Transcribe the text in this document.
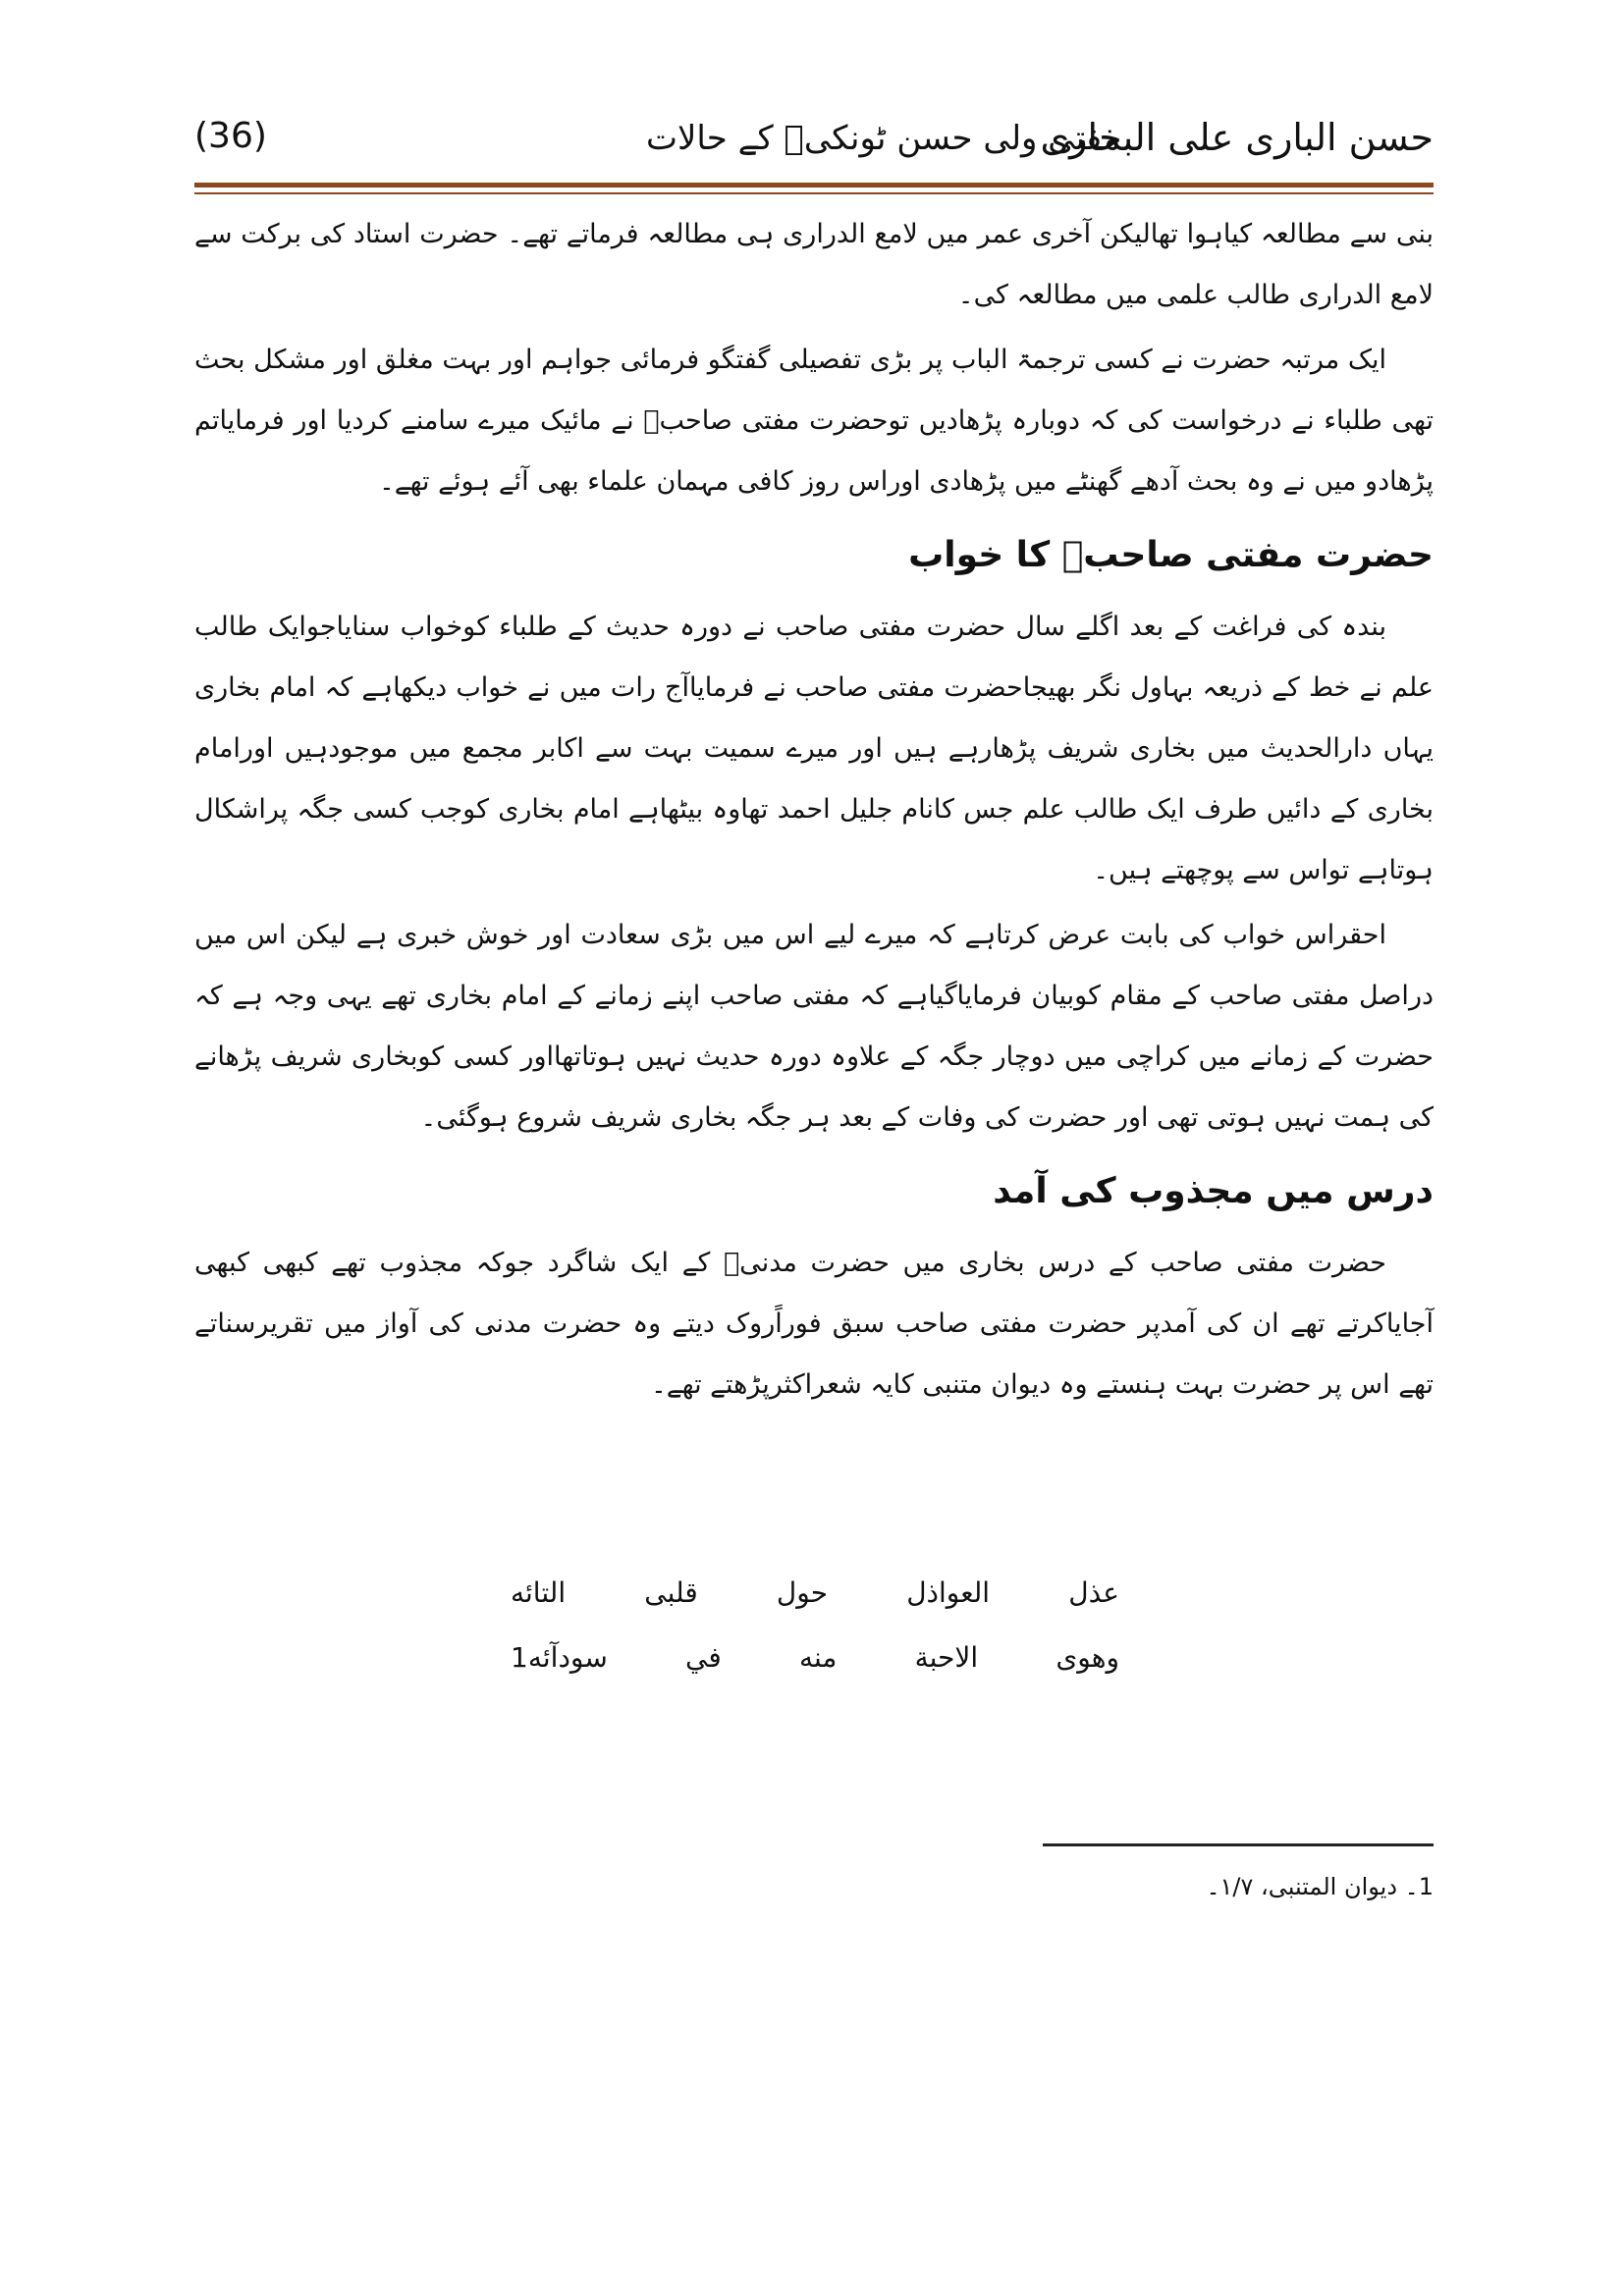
حسن الباری علی البخاری
مفتی ولی حسن ٹونکیؒ کے حالات
(36)

بنی سے مطالعہ کیاہوا تھالیکن آخری عمر میں لامع الدراری ہی مطالعہ فرماتے تھے۔ حضرت استاد کی برکت سے لامع الدراری طالب علمی میں مطالعہ کی۔

ایک مرتبہ حضرت نے کسی ترجمۃ الباب پر بڑی تفصیلی گفتگو فرمائی جواہم اور بہت مغلق اور مشکل بحث تھی طلباء نے درخواست کی کہ دوبارہ پڑھادیں توحضرت مفتی صاحبؒ نے مائیک میرے سامنے کردیا اور فرمایاتم پڑھادو میں نے وہ بحث آدھے گھنٹے میں پڑھادی اوراس روز کافی مہمان علماء بھی آئے ہوئے تھے۔

حضرت مفتی صاحبؒ کا خواب

بندہ کی فراغت کے بعد اگلے سال حضرت مفتی صاحب نے دورہ حدیث کے طلباء کوخواب سنایاجوایک طالب علم نے خط کے ذریعہ بہاول نگر بھیجاحضرت مفتی صاحب نے فرمایاآج رات میں نے خواب دیکھاہے کہ امام بخاری یہاں دارالحدیث میں بخاری شریف پڑھارہے ہیں اور میرے سمیت بہت سے اکابر مجمع میں موجودہیں اورامام بخاری کے دائیں طرف ایک طالب علم جس کانام جلیل احمد تھاوہ بیٹھاہے امام بخاری کوجب کسی جگہ پراشکال ہوتاہے تواس سے پوچھتے ہیں۔

احقراس خواب کی بابت عرض کرتاہے کہ میرے لیے اس میں بڑی سعادت اور خوش خبری ہے لیکن اس میں دراصل مفتی صاحب کے مقام کوبیان فرمایاگیاہے کہ مفتی صاحب اپنے زمانے کے امام بخاری تھے یہی وجہ ہے کہ حضرت کے زمانے میں کراچی میں دوچار جگہ کے علاوہ دورہ حدیث نہیں ہوتاتھااور کسی کوبخاری شریف پڑھانے کی ہمت نہیں ہوتی تھی اور حضرت کی وفات کے بعد ہر جگہ بخاری شریف شروع ہوگئی۔

درس میں مجذوب کی آمد

حضرت مفتی صاحب کے درس بخاری میں حضرت مدنیؒ کے ایک شاگرد جوکہ مجذوب تھے کبھی کبھی آجایاکرتے تھے ان کی آمدپر حضرت مفتی صاحب سبق فوراًروک دیتے وہ حضرت مدنی کی آواز میں تقریرسناتے تھے اس پر حضرت بہت ہنستے وہ دیوان متنبی کایہ شعراکثرپڑھتے تھے۔

عذل
العواذل
حول
قلبی
التائه
وهوى
الاحبة
منه
في
سودآئه1
1۔ دیوان المتنبی، ۱/۷۔
